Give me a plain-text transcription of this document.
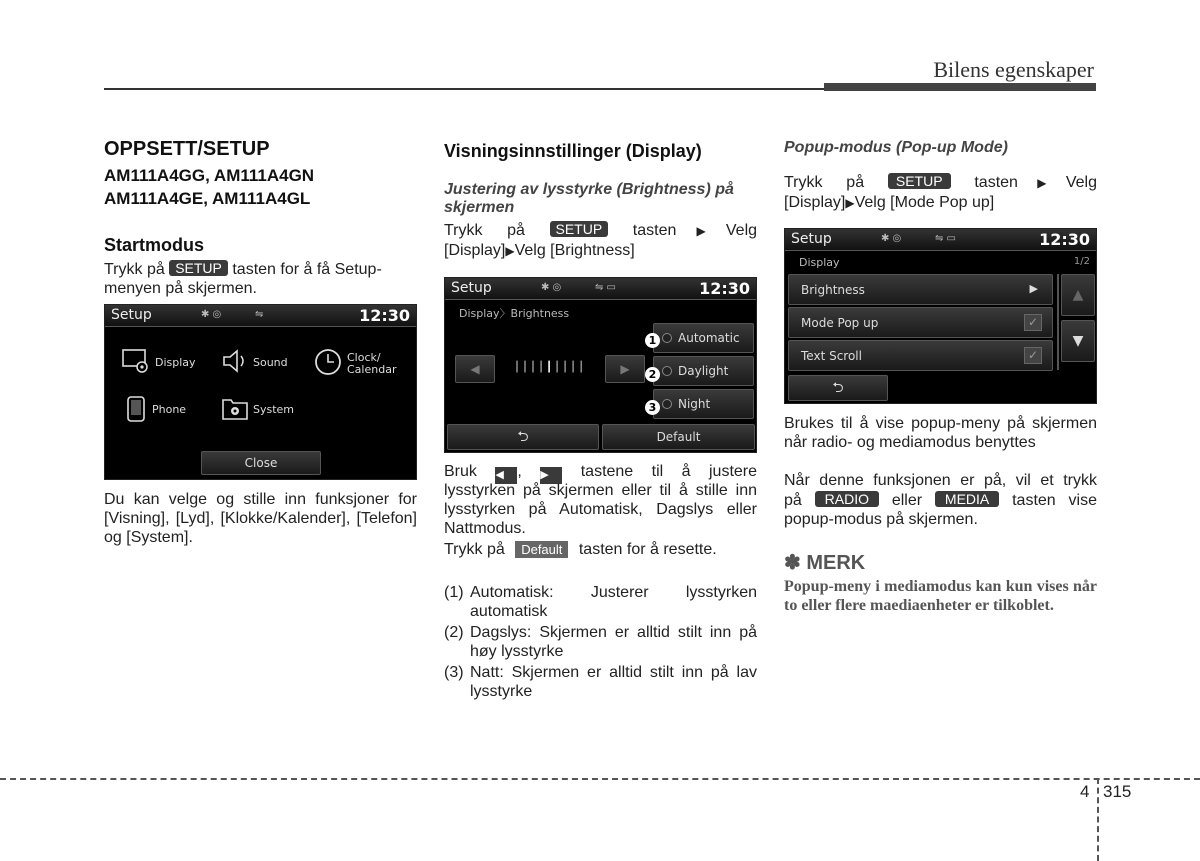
Bilens egenskaper
OPPSETT/SETUP
AM111A4GG, AM111A4GN
AM111A4GE, AM111A4GL
Startmodus
Trykk på SETUP tasten for å få Setup-
menyen på skjermen.
Setup	✱ ◎	⇋	12:30
Display	Sound	Clock/
Calendar
Phone	System
Close
Du kan velge og stille inn funksjoner for [Visning], [Lyd], [Klokke/Kalender], [Telefon] og [System].
Visningsinnstillinger (Display)
Justering av lysstyrke (Brightness) på skjermen
Trykk på SETUP tasten▶Velg
[Display]▶Velg [Brightness]
Setup	✱ ◎	⇋ ▭	12:30
Display〉Brightness
◀	┃┃┃┃┃┃┃┃┃	▶
Automatic
Daylight
Night
1
2
3
⮌	Default
Bruk ◀ , ▶ tastene til å justere
lysstyrken på skjermen eller til å stille inn lysstyrken på Automatisk, Dagslys eller Nattmodus.
Trykk på Default tasten for å resette.
(1) Automatisk: Justerer lysstyrken automatisk
(2) Dagslys: Skjermen er alltid stilt inn på høy lysstyrke
(3) Natt: Skjermen er alltid stilt inn på lav lysstyrke
Popup-modus (Pop-up Mode)
Trykk på SETUP tasten▶Velg
[Display]▶Velg [Mode Pop up]
Setup	✱ ◎	⇋ ▭	12:30
Display	1/2
Brightness	▶
Mode Pop up	✓
Text Scroll	✓
▲
▼
⮌
Brukes til å vise popup-meny på skjermen når radio- og mediamodus benyttes
Når denne funksjonen er på, vil et trykk
på RADIO eller MEDIA tasten vise
popup-modus på skjermen.
✽ MERK
Popup-meny i mediamodus kan kun vises når to eller flere maediaenheter er tilkoblet.
4 315
